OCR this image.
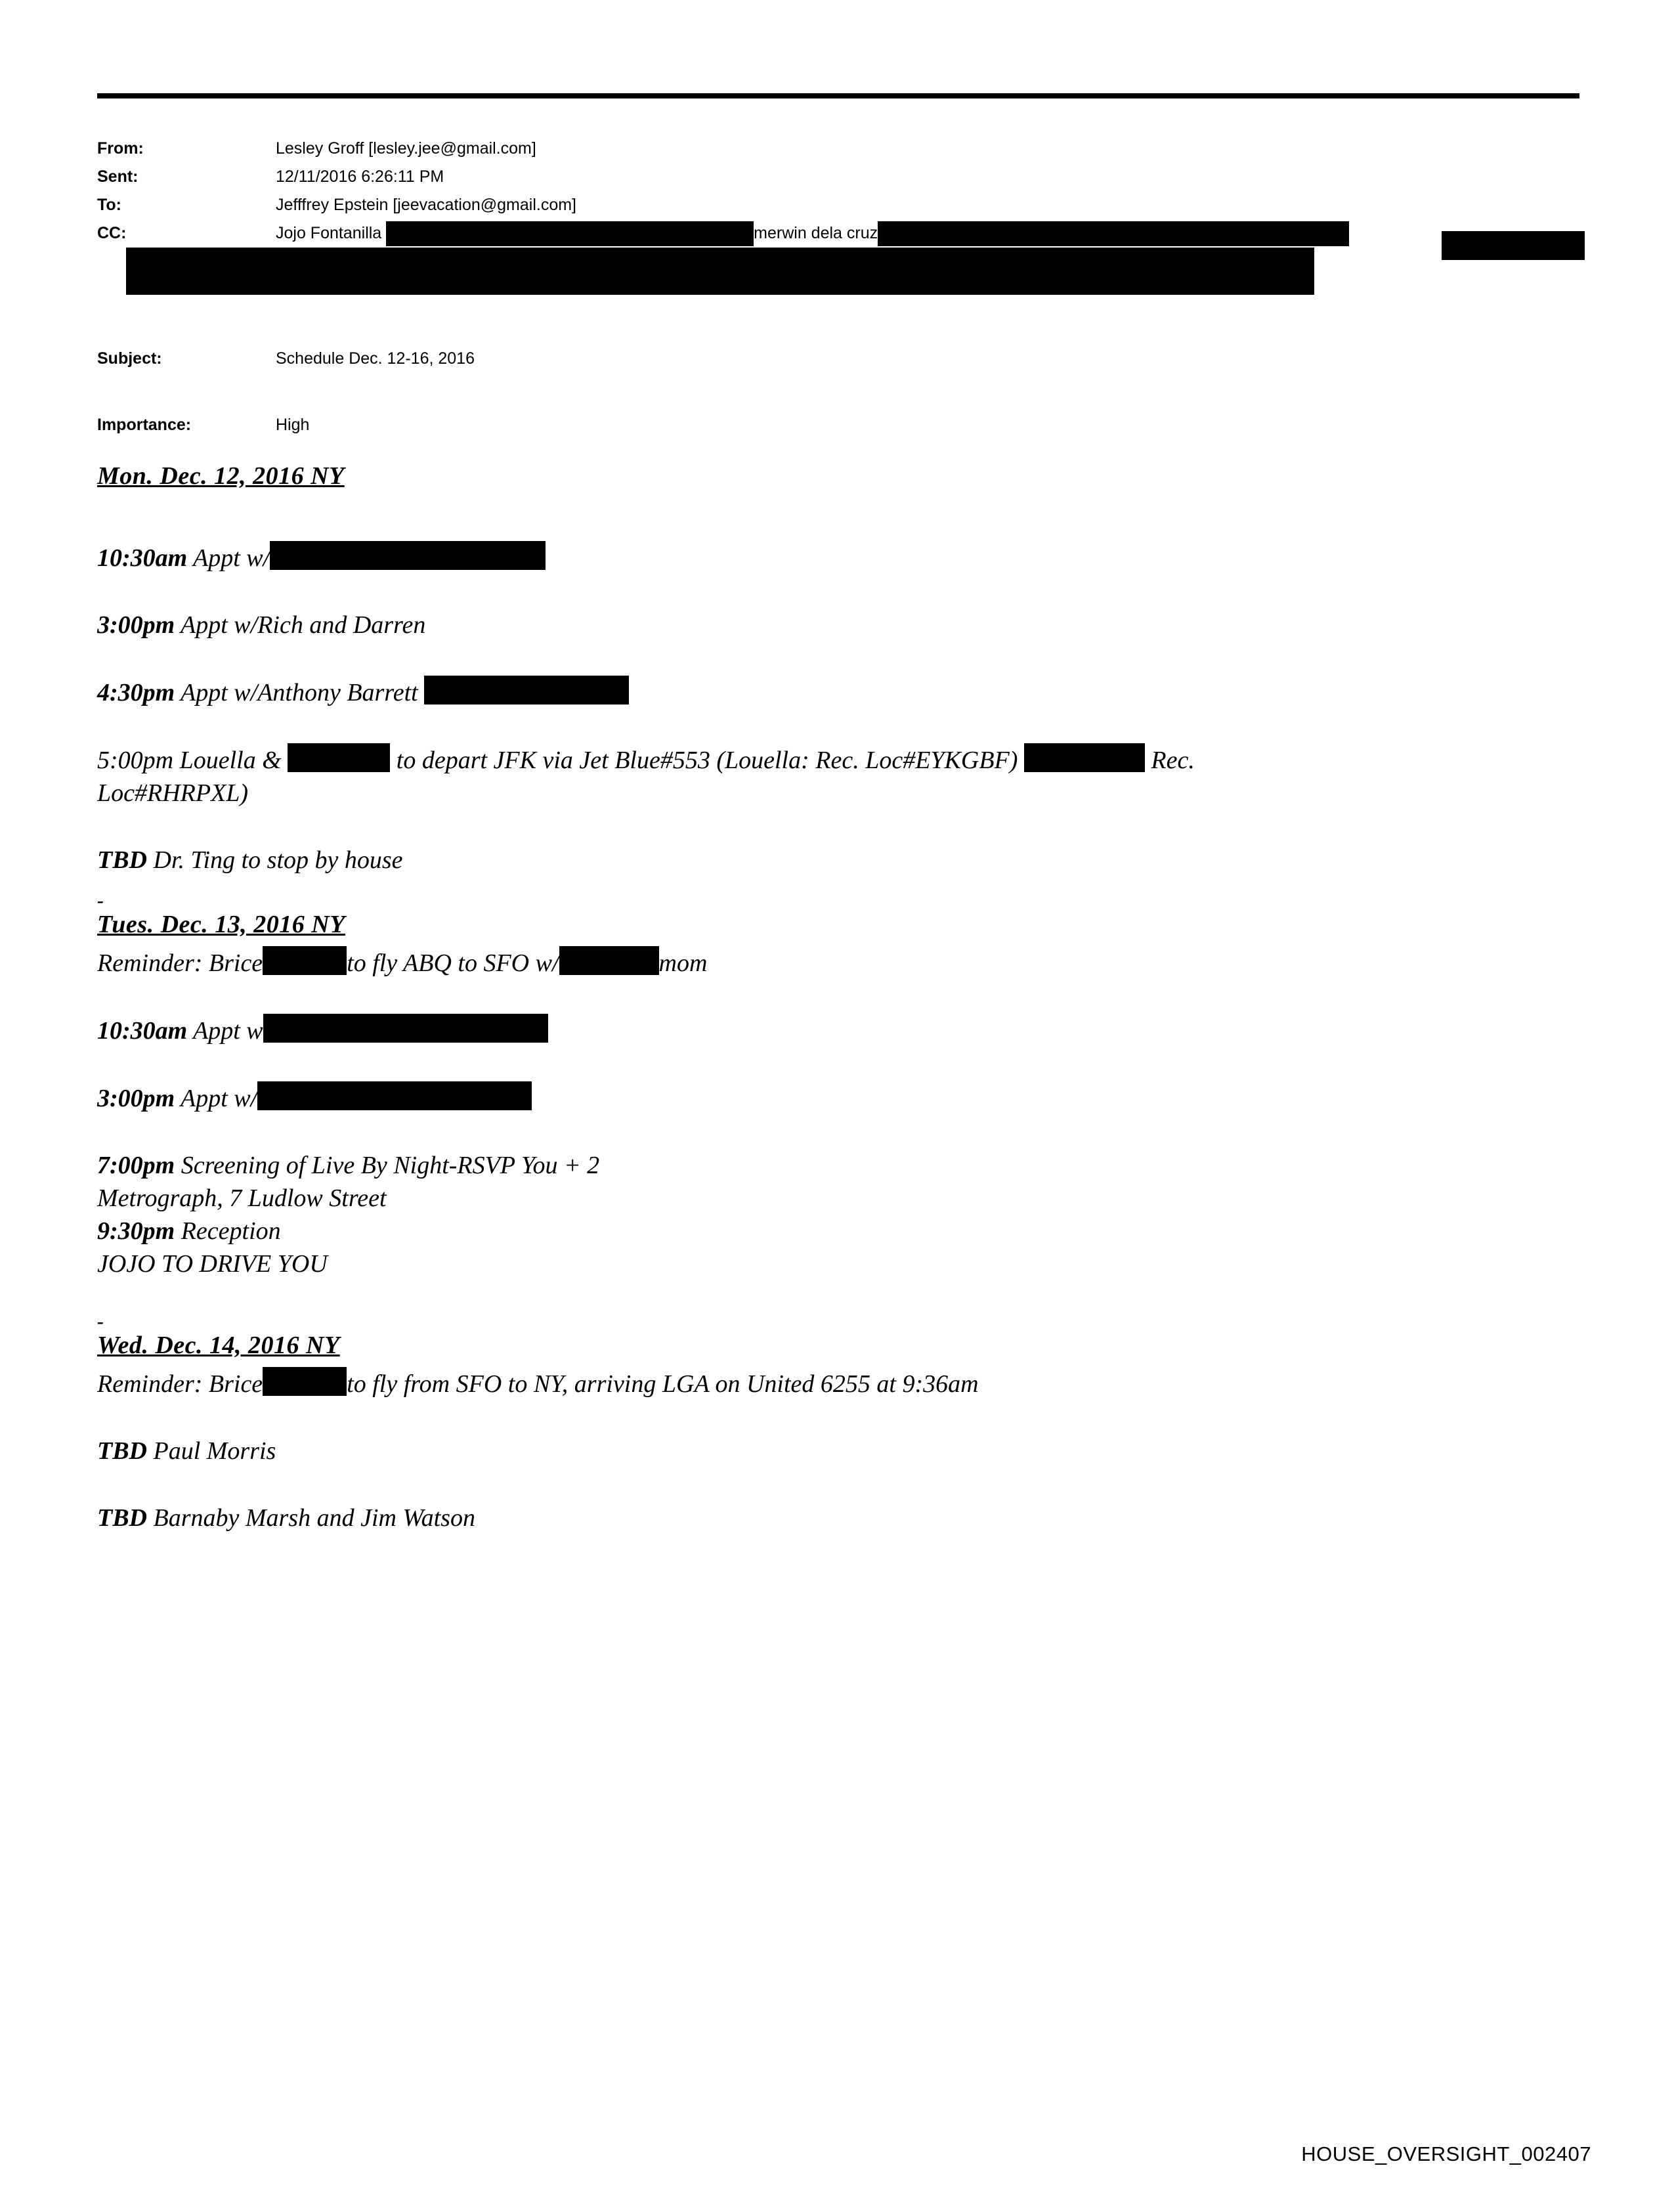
From:	Lesley Groff [lesley.jee@gmail.com]
Sent:	12/11/2016 6:26:11 PM
To:	Jefffrey Epstein [jeevacation@gmail.com]
CC:	Jojo Fontanilla	merwin dela cruz
Subject:	Schedule Dec. 12-16, 2016
Importance:	High
Mon. Dec. 12, 2016 NY
10:30am Appt w/
3:00pm Appt w/Rich and Darren
4:30pm Appt w/Anthony Barrett
5:00pm Louella &	to depart JFK via Jet Blue#553 (Louella: Rec. Loc#EYKGBF)	Rec.
Loc#RHRPXL)
TBD Dr. Ting to stop by house
-
Tues. Dec. 13, 2016 NY
Reminder: Brice	to fly ABQ to SFO w/	mom
10:30am Appt w
3:00pm Appt w/
7:00pm Screening of Live By Night-RSVP You + 2
Metrograph, 7 Ludlow Street
9:30pm Reception
JOJO TO DRIVE YOU
-
Wed. Dec. 14, 2016 NY
Reminder: Brice	to fly from SFO to NY, arriving LGA on United 6255 at 9:36am
TBD Paul Morris
TBD Barnaby Marsh and Jim Watson
HOUSE_OVERSIGHT_002407
